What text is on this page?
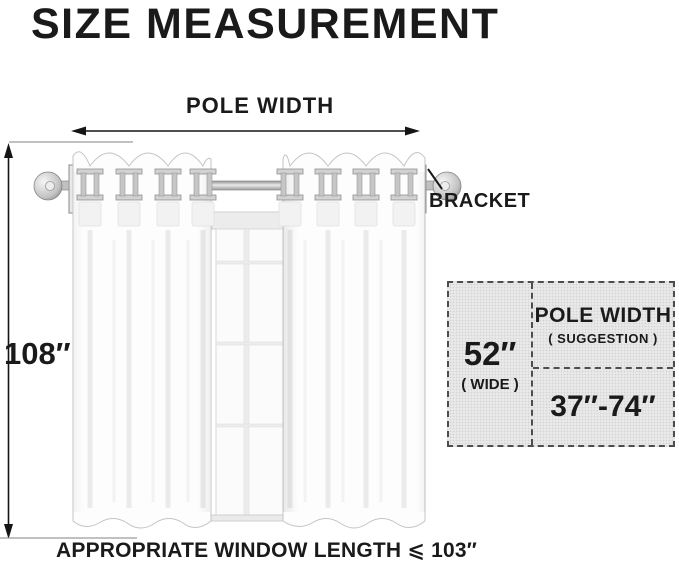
SIZE MEASUREMENT
POLE WIDTH
108″
BRACKET
52″
( WIDE )
POLE WIDTH
( SUGGESTION )
37″-74″
APPROPRIATE WINDOW LENGTH ⩽ 103″
